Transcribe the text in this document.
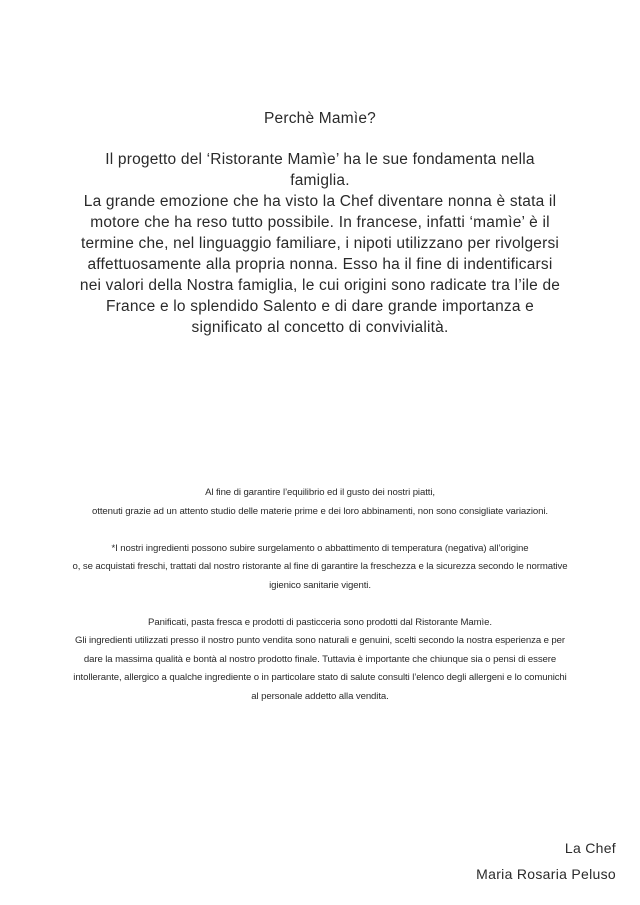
Perchè Mamìe?
Il progetto del ‘Ristorante Mamìe’ ha le sue fondamenta nella
famiglia.
La grande emozione che ha visto la Chef diventare nonna è stata il
motore che ha reso tutto possibile. In francese, infatti ‘mamìe’ è il
termine che, nel linguaggio familiare, i nipoti utilizzano per rivolgersi
affettuosamente alla propria nonna. Esso ha il fine di indentificarsi
nei valori della Nostra famiglia, le cui origini sono radicate tra l’ile de
France e lo splendido Salento e di dare grande importanza e
significato al concetto di convivialità.
Al fine di garantire l’equilibrio ed il gusto dei nostri piatti,
ottenuti grazie ad un attento studio delle materie prime e dei loro abbinamenti, non sono consigliate variazioni.
*I nostri ingredienti possono subire surgelamento o abbattimento di temperatura (negativa) all’origine
o, se acquistati freschi, trattati dal nostro ristorante al fine di garantire la freschezza e la sicurezza secondo le normative
igienico sanitarie vigenti.
Panificati, pasta fresca e prodotti di pasticceria sono prodotti dal Ristorante Mamìe.
Gli ingredienti utilizzati presso il nostro punto vendita sono naturali e genuini, scelti secondo la nostra esperienza e per
dare la massima qualità e bontà al nostro prodotto finale. Tuttavia è importante che chiunque sia o pensi di essere
intollerante, allergico a qualche ingrediente o in particolare stato di salute consulti l’elenco degli allergeni e lo comunichi
al personale addetto alla vendita.
La Chef
Maria Rosaria Peluso
